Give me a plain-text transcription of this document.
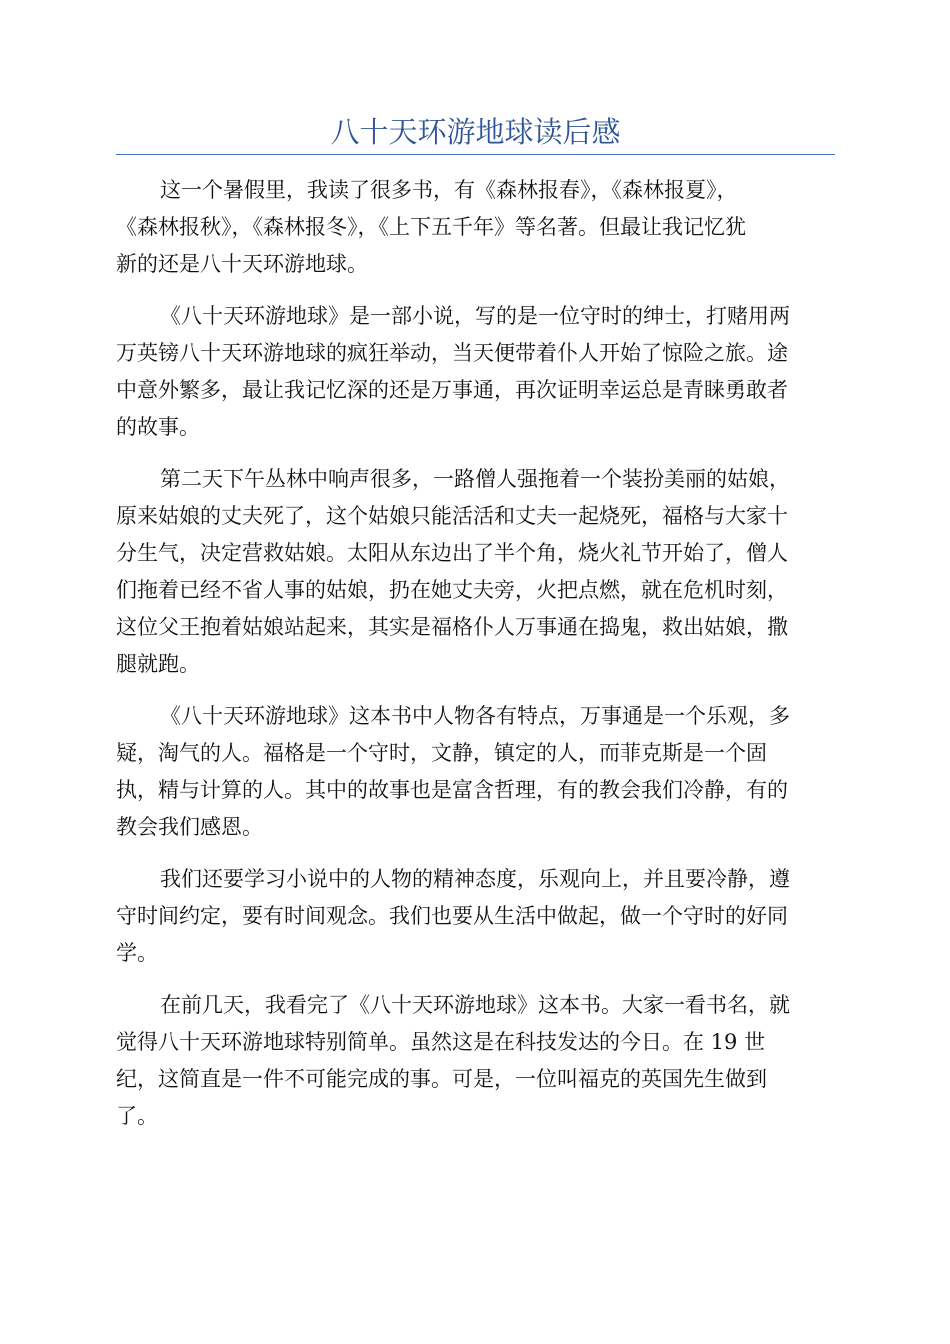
八十天环游地球读后感

这一个暑假里，我读了很多书，有《森林报春》，《森林报夏》，
《森林报秋》，《森林报冬》，《上下五千年》等名著。但最让我记忆犹
新的还是八十天环游地球。

《八十天环游地球》是一部小说，写的是一位守时的绅士，打赌用两
万英镑八十天环游地球的疯狂举动，当天便带着仆人开始了惊险之旅。途
中意外繁多，最让我记忆深的还是万事通，再次证明幸运总是青睐勇敢者
的故事。

第二天下午丛林中响声很多，一路僧人强拖着一个装扮美丽的姑娘，
原来姑娘的丈夫死了，这个姑娘只能活活和丈夫一起烧死，福格与大家十
分生气，决定营救姑娘。太阳从东边出了半个角，烧火礼节开始了，僧人
们拖着已经不省人事的姑娘，扔在她丈夫旁，火把点燃，就在危机时刻，
这位父王抱着姑娘站起来，其实是福格仆人万事通在捣鬼，救出姑娘，撒
腿就跑。

《八十天环游地球》这本书中人物各有特点，万事通是一个乐观，多
疑，淘气的人。福格是一个守时，文静，镇定的人，而菲克斯是一个固
执，精与计算的人。其中的故事也是富含哲理，有的教会我们冷静，有的
教会我们感恩。

我们还要学习小说中的人物的精神态度，乐观向上，并且要冷静，遵
守时间约定，要有时间观念。我们也要从生活中做起，做一个守时的好同
学。

在前几天，我看完了《八十天环游地球》这本书。大家一看书名，就
觉得八十天环游地球特别简单。虽然这是在科技发达的今日。在 19 世
纪，这简直是一件不可能完成的事。可是，一位叫福克的英国先生做到
了。
